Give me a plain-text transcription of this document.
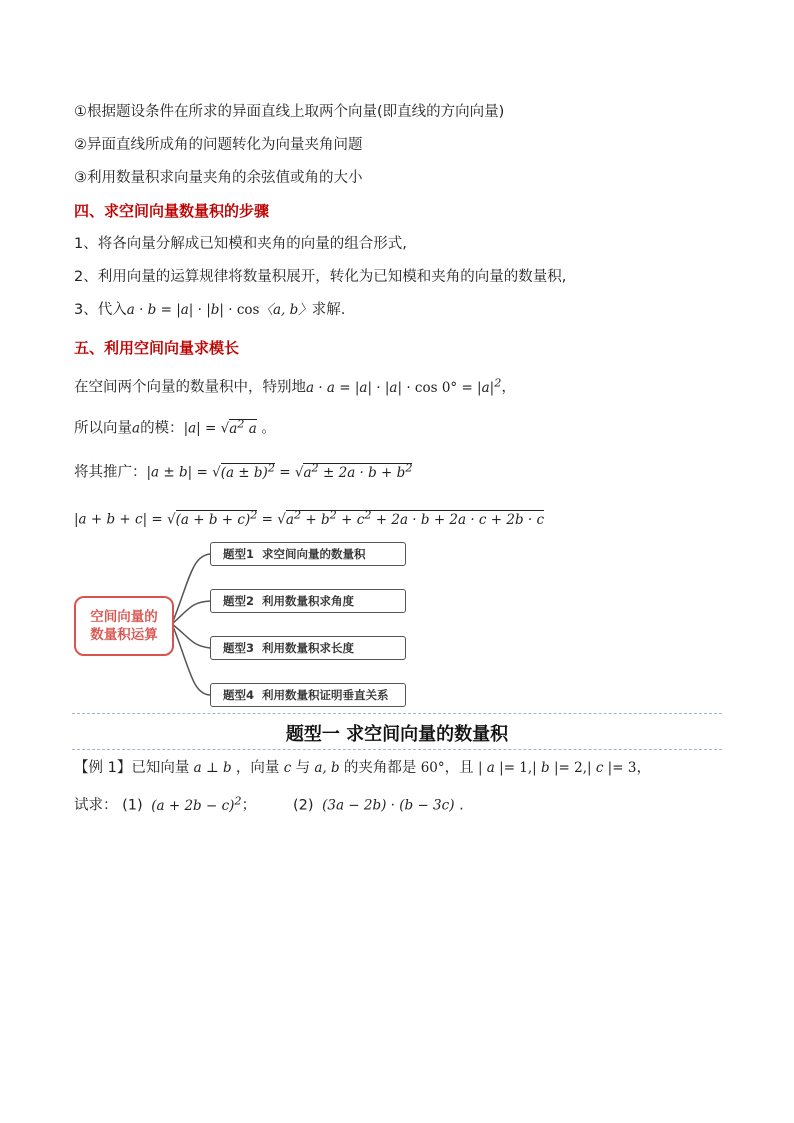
①根据题设条件在所求的异面直线上取两个向量(即直线的方向向量)
②异面直线所成角的问题转化为向量夹角问题
③利用数量积求向量夹角的余弦值或角的大小
四、求空间向量数量积的步骤
1、将各向量分解成已知模和夹角的向量的组合形式,
2、利用向量的运算规律将数量积展开，转化为已知模和夹角的向量的数量积,
3、代入a · b = |a| · |b| · cos〈a, b〉求解.
五、利用空间向量求模长
在空间两个向量的数量积中，特别地$a \cdot a = |a| \cdot |a| \cdot \cos 0^\circ = |a|^2$，
所以向量a的模：$|a| = √a^2$ a 。
将其推广：$|a \pm b| = √(a \pm b)^2 = √a^2 \pm 2a \cdot b + b^2$
$|a + b + c| = √(a + b + c)^2 = √a^2 + b^2 + c^2 + 2a \cdot b + 2a \cdot c + 2b \cdot c$
空间向量的
数量积运算
题型1 求空间向量的数量积
题型2 利用数量积求角度
题型3 利用数量积求长度
题型4 利用数量积证明垂直关系
题型一 求空间向量的数量积
【例 1】已知向量 a ⊥ b ，向量 c 与 a, b 的夹角都是 60°，且 | a |= 1,| b |= 2,| c |= 3，
试求： (1)  $(a + 2b - c)^2$；        (2)  (3a − 2b) · (b − 3c) .
